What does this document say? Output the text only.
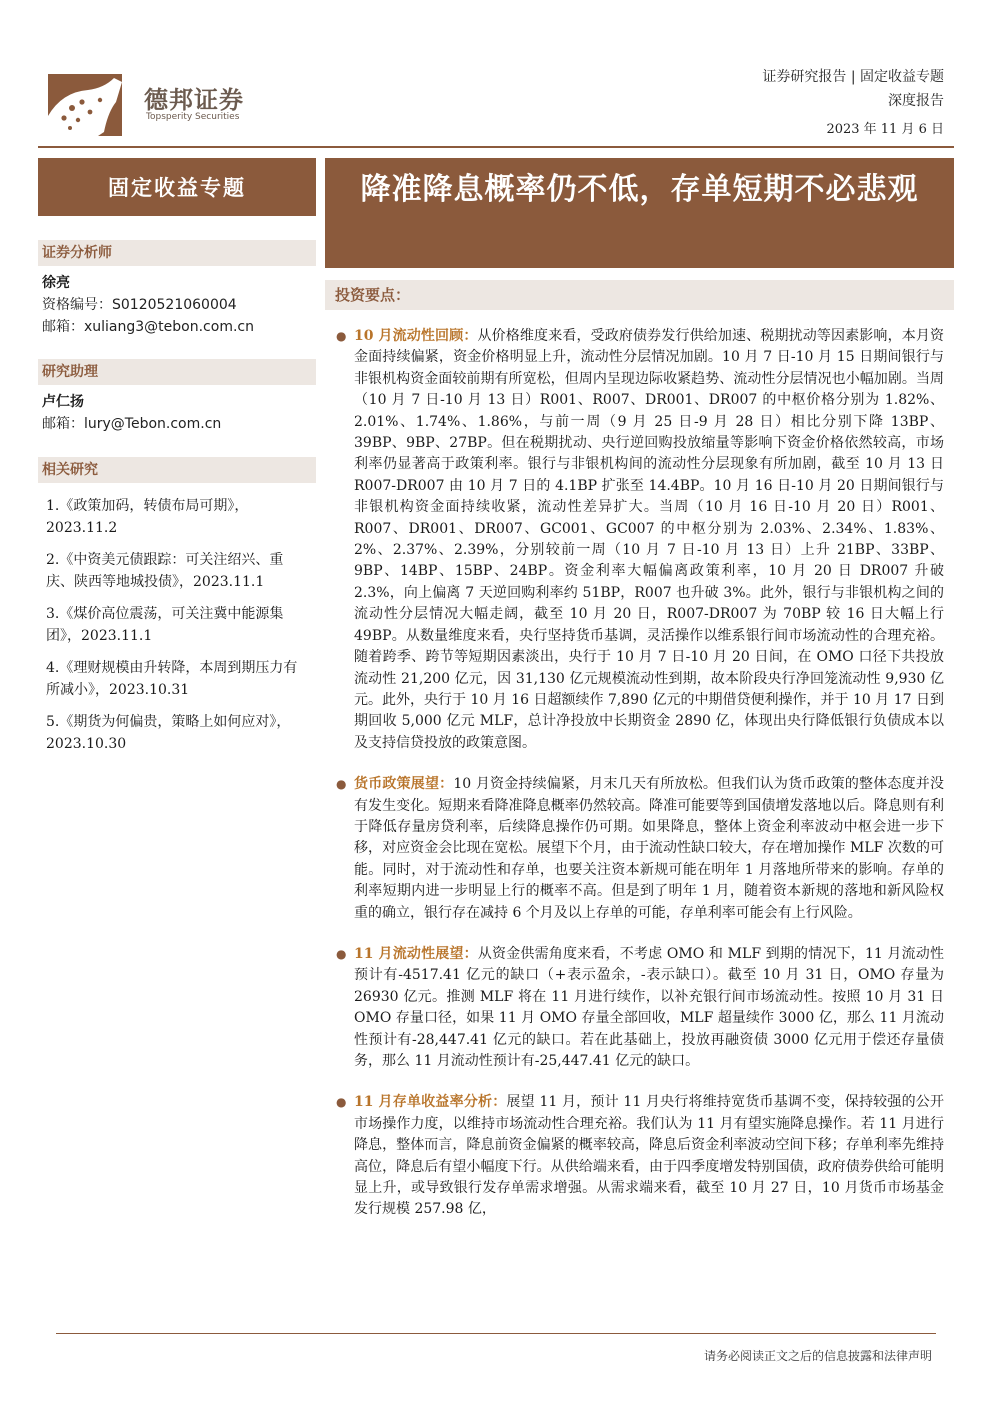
德邦证券
Topsperity Securities
证券研究报告 | 固定收益专题
深度报告
2023 年 11 月 6 日
固定收益专题	降准降息概率仍不低，存单短期不必悲观
证券分析师
徐亮
资格编号：S0120521060004
邮箱：xuliang3@tebon.com.cn
研究助理
卢仁扬
邮箱：lury@Tebon.com.cn
相关研究
1.《政策加码，转债布局可期》，2023.11.2
2.《中资美元债跟踪：可关注绍兴、重庆、陕西等地城投债》，2023.11.1
3.《煤价高位震荡，可关注冀中能源集团》，2023.11.1
4.《理财规模由升转降，本周到期压力有所减小》，2023.10.31
5.《期货为何偏贵，策略上如何应对》，2023.10.30
投资要点：
● 10 月流动性回顾：从价格维度来看，受政府债券发行供给加速、税期扰动等因素影响，本月资金面持续偏紧，资金价格明显上升，流动性分层情况加剧。10 月 7 日-10 月 15 日期间银行与非银机构资金面较前期有所宽松，但周内呈现边际收紧趋势、流动性分层情况也小幅加剧。当周（10 月 7 日-10 月 13 日）R001、R007、DR001、DR007 的中枢价格分别为 1.82%、2.01%、1.74%、1.86%，与前一周（9 月 25 日-9 月 28 日）相比分别下降 13BP、39BP、9BP、27BP。但在税期扰动、央行逆回购投放缩量等影响下资金价格依然较高，市场利率仍显著高于政策利率。银行与非银机构间的流动性分层现象有所加剧，截至 10 月 13 日 R007-DR007 由 10 月 7 日的 4.1BP 扩张至 14.4BP。10 月 16 日-10 月 20 日期间银行与非银机构资金面持续收紧，流动性差异扩大。当周（10 月 16 日-10 月 20 日）R001、R007、DR001、DR007、GC001、GC007 的中枢分别为 2.03%、2.34%、1.83%、2%、2.37%、2.39%，分别较前一周（10 月 7 日-10 月 13 日）上升 21BP、33BP、9BP、14BP、15BP、24BP。资金利率大幅偏离政策利率，10 月 20 日 DR007 升破 2.3%，向上偏离 7 天逆回购利率约 51BP，R007 也升破 3%。此外，银行与非银机构之间的流动性分层情况大幅走阔，截至 10 月 20 日，R007-DR007 为 70BP 较 16 日大幅上行 49BP。从数量维度来看，央行坚持货币基调，灵活操作以维系银行间市场流动性的合理充裕。随着跨季、跨节等短期因素淡出，央行于 10 月 7 日-10 月 20 日间，在 OMO 口径下共投放流动性 21,200 亿元，因 31,130 亿元规模流动性到期，故本阶段央行净回笼流动性 9,930 亿元。此外，央行于 10 月 16 日超额续作 7,890 亿元的中期借贷便利操作，并于 10 月 17 日到期回收 5,000 亿元 MLF，总计净投放中长期资金 2890 亿，体现出央行降低银行负债成本以及支持信贷投放的政策意图。
● 货币政策展望：10 月资金持续偏紧，月末几天有所放松。但我们认为货币政策的整体态度并没有发生变化。短期来看降准降息概率仍然较高。降准可能要等到国债增发落地以后。降息则有利于降低存量房贷利率，后续降息操作仍可期。如果降息，整体上资金利率波动中枢会进一步下移，对应资金会比现在宽松。展望下个月，由于流动性缺口较大，存在增加操作 MLF 次数的可能。同时，对于流动性和存单，也要关注资本新规可能在明年 1 月落地所带来的影响。存单的利率短期内进一步明显上行的概率不高。但是到了明年 1 月，随着资本新规的落地和新风险权重的确立，银行存在减持 6 个月及以上存单的可能，存单利率可能会有上行风险。
● 11 月流动性展望：从资金供需角度来看，不考虑 OMO 和 MLF 到期的情况下，11 月流动性预计有-4517.41 亿元的缺口（+表示盈余，-表示缺口）。截至 10 月 31 日，OMO 存量为 26930 亿元。推测 MLF 将在 11 月进行续作，以补充银行间市场流动性。按照 10 月 31 日 OMO 存量口径，如果 11 月 OMO 存量全部回收，MLF 超量续作 3000 亿，那么 11 月流动性预计有-28,447.41 亿元的缺口。若在此基础上，投放再融资债 3000 亿元用于偿还存量债务，那么 11 月流动性预计有-25,447.41 亿元的缺口。
● 11 月存单收益率分析：展望 11 月，预计 11 月央行将维持宽货币基调不变，保持较强的公开市场操作力度，以维持市场流动性合理充裕。我们认为 11 月有望实施降息操作。若 11 月进行降息，整体而言，降息前资金偏紧的概率较高，降息后资金利率波动空间下移；存单利率先维持高位，降息后有望小幅度下行。从供给端来看，由于四季度增发特别国债，政府债券供给可能明显上升，或导致银行发存单需求增强。从需求端来看，截至 10 月 27 日，10 月货币市场基金发行规模 257.98 亿，
请务必阅读正文之后的信息披露和法律声明
